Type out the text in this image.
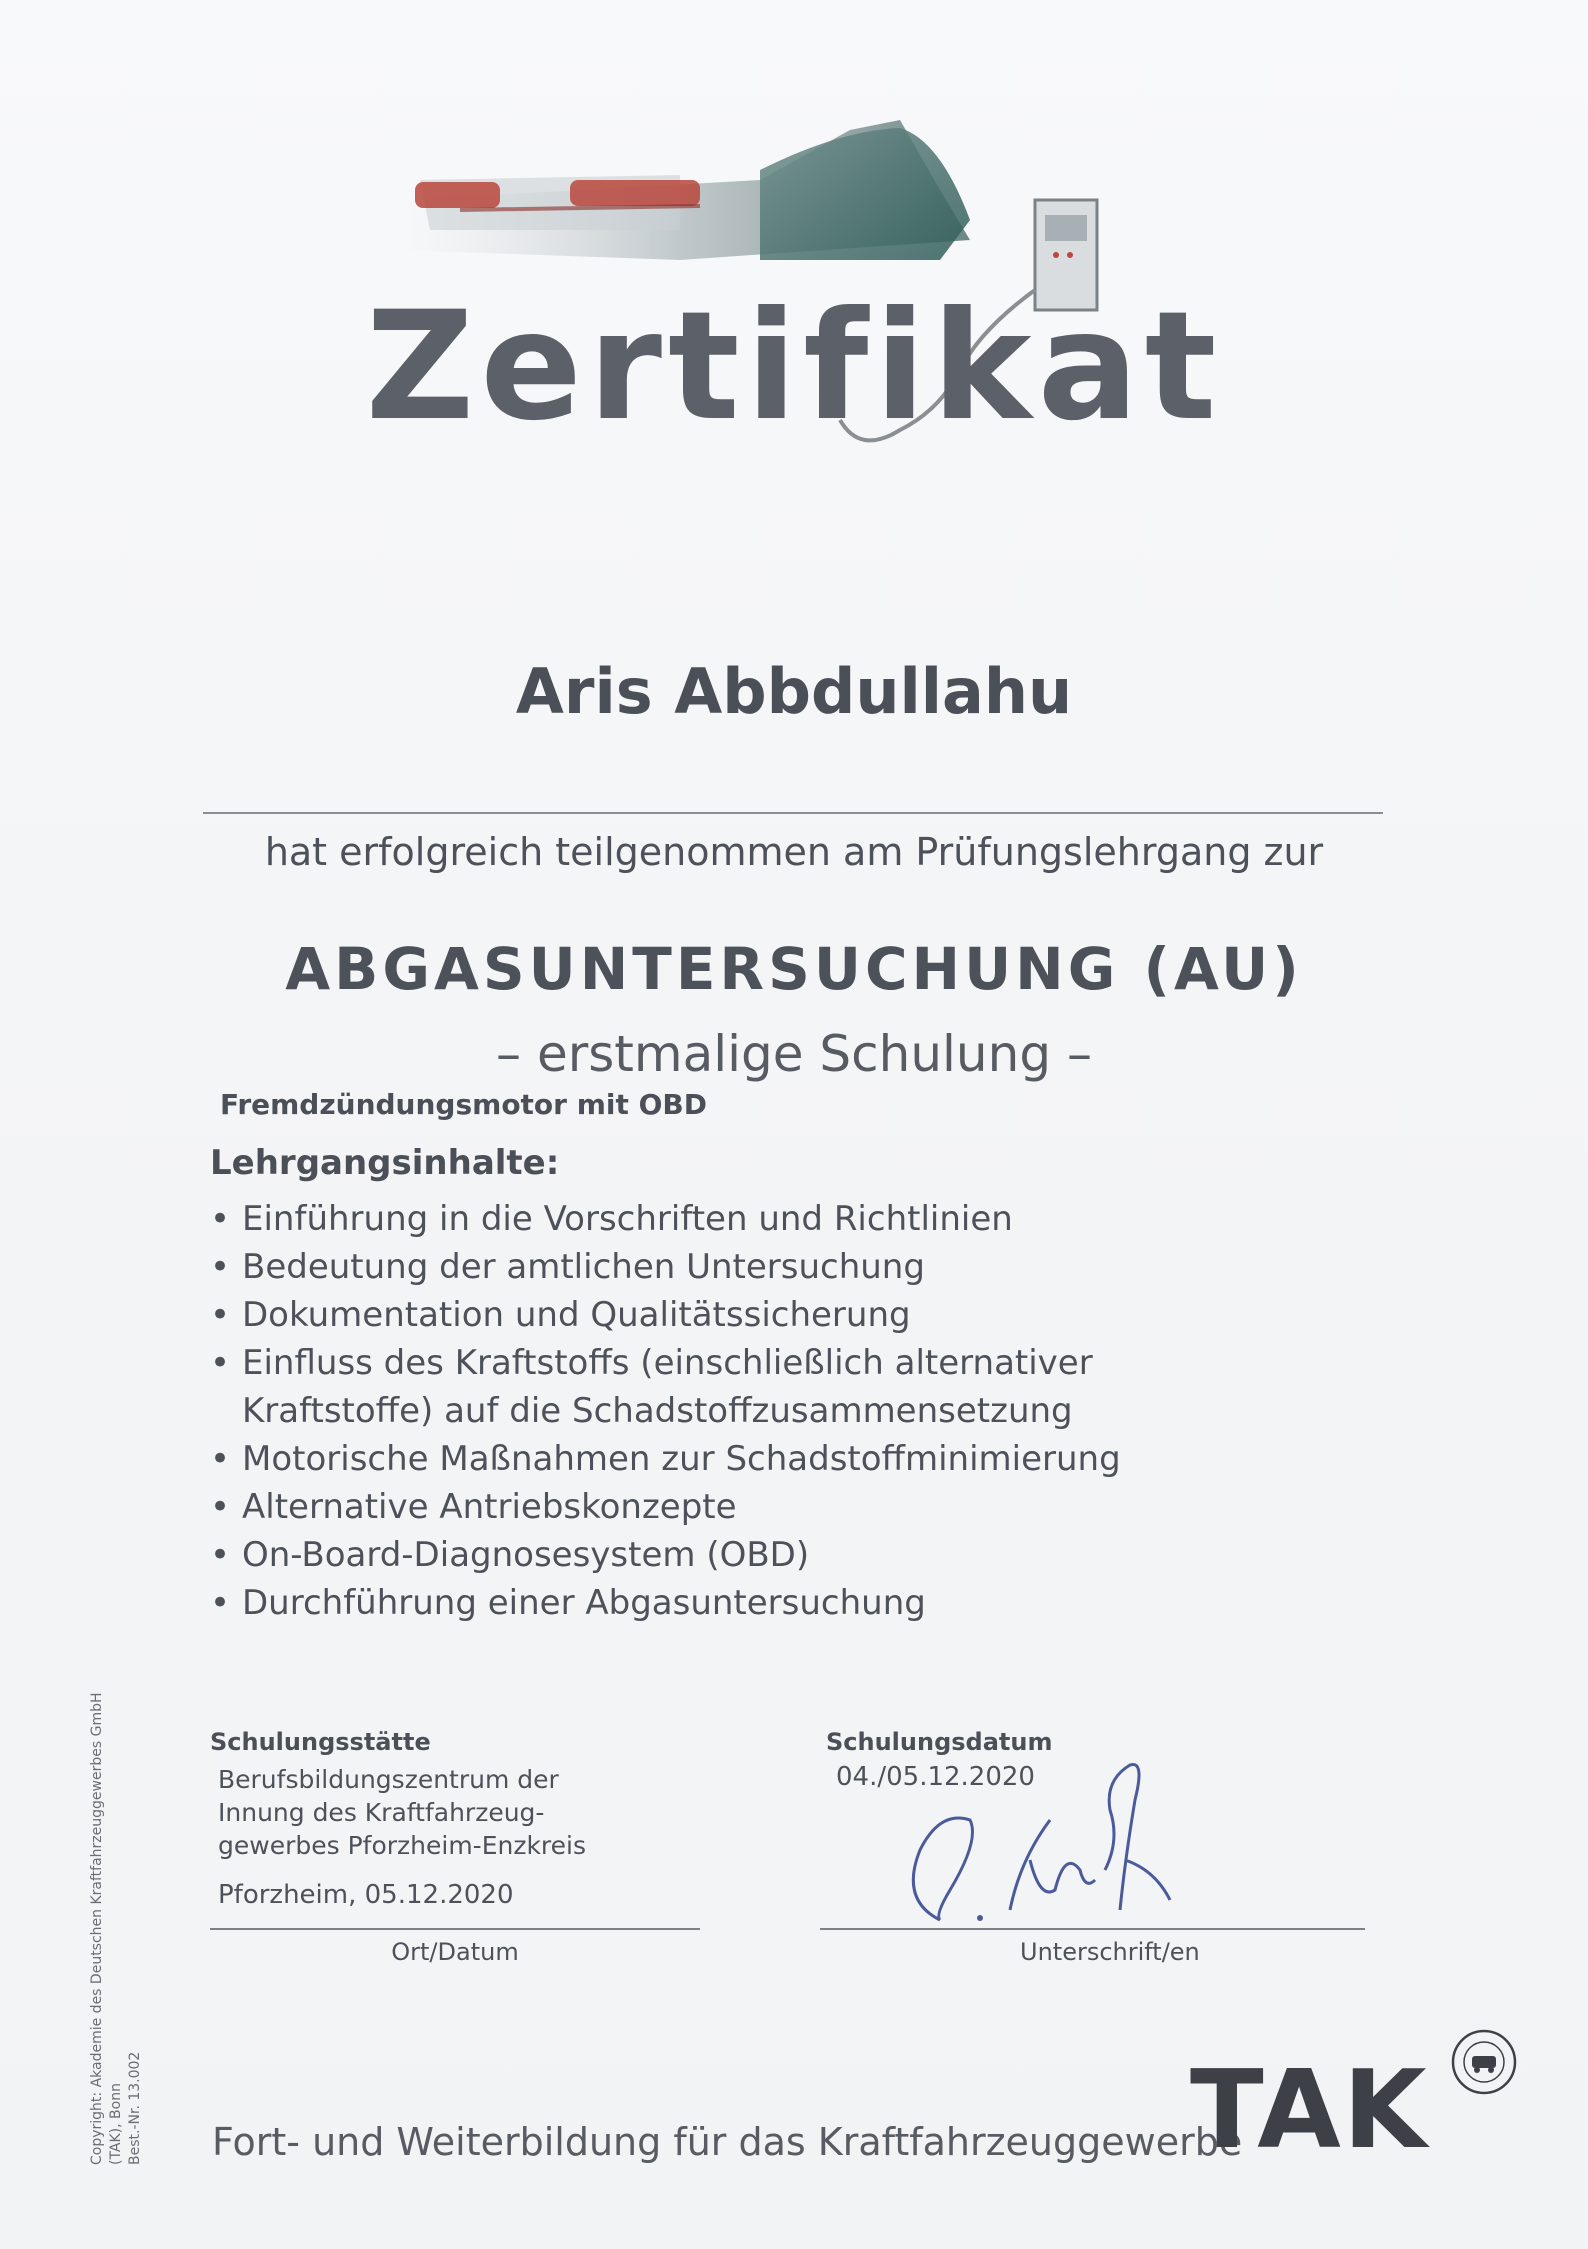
Zertifikat
Aris Abbdullahu
hat erfolgreich teilgenommen am Prüfungslehrgang zur
ABGASUNTERSUCHUNG (AU)
– erstmalige Schulung –
Fremdzündungsmotor mit OBD
Lehrgangsinhalte:
• Einführung in die Vorschriften und Richtlinien
• Bedeutung der amtlichen Untersuchung
• Dokumentation und Qualitätssicherung
• Einfluss des Kraftstoffs (einschließlich alternativer Kraftstoffe) auf die Schadstoffzusammensetzung
• Motorische Maßnahmen zur Schadstoffminimierung
• Alternative Antriebskonzepte
• On-Board-Diagnosesystem (OBD)
• Durchführung einer Abgasuntersuchung
Schulungsstätte
Berufsbildungszentrum der
Innung des Kraftfahrzeug-
gewerbes Pforzheim-Enzkreis
Pforzheim, 05.12.2020
Ort/Datum
Schulungsdatum
04./05.12.2020
Unterschrift/en
Copyright: Akademie des Deutschen Kraftfahrzeuggewerbes GmbH (TAK), Bonn Best.-Nr. 13.002 Fort- und Weiterbildung für das Kraftfahrzeuggewerbe
TAK
